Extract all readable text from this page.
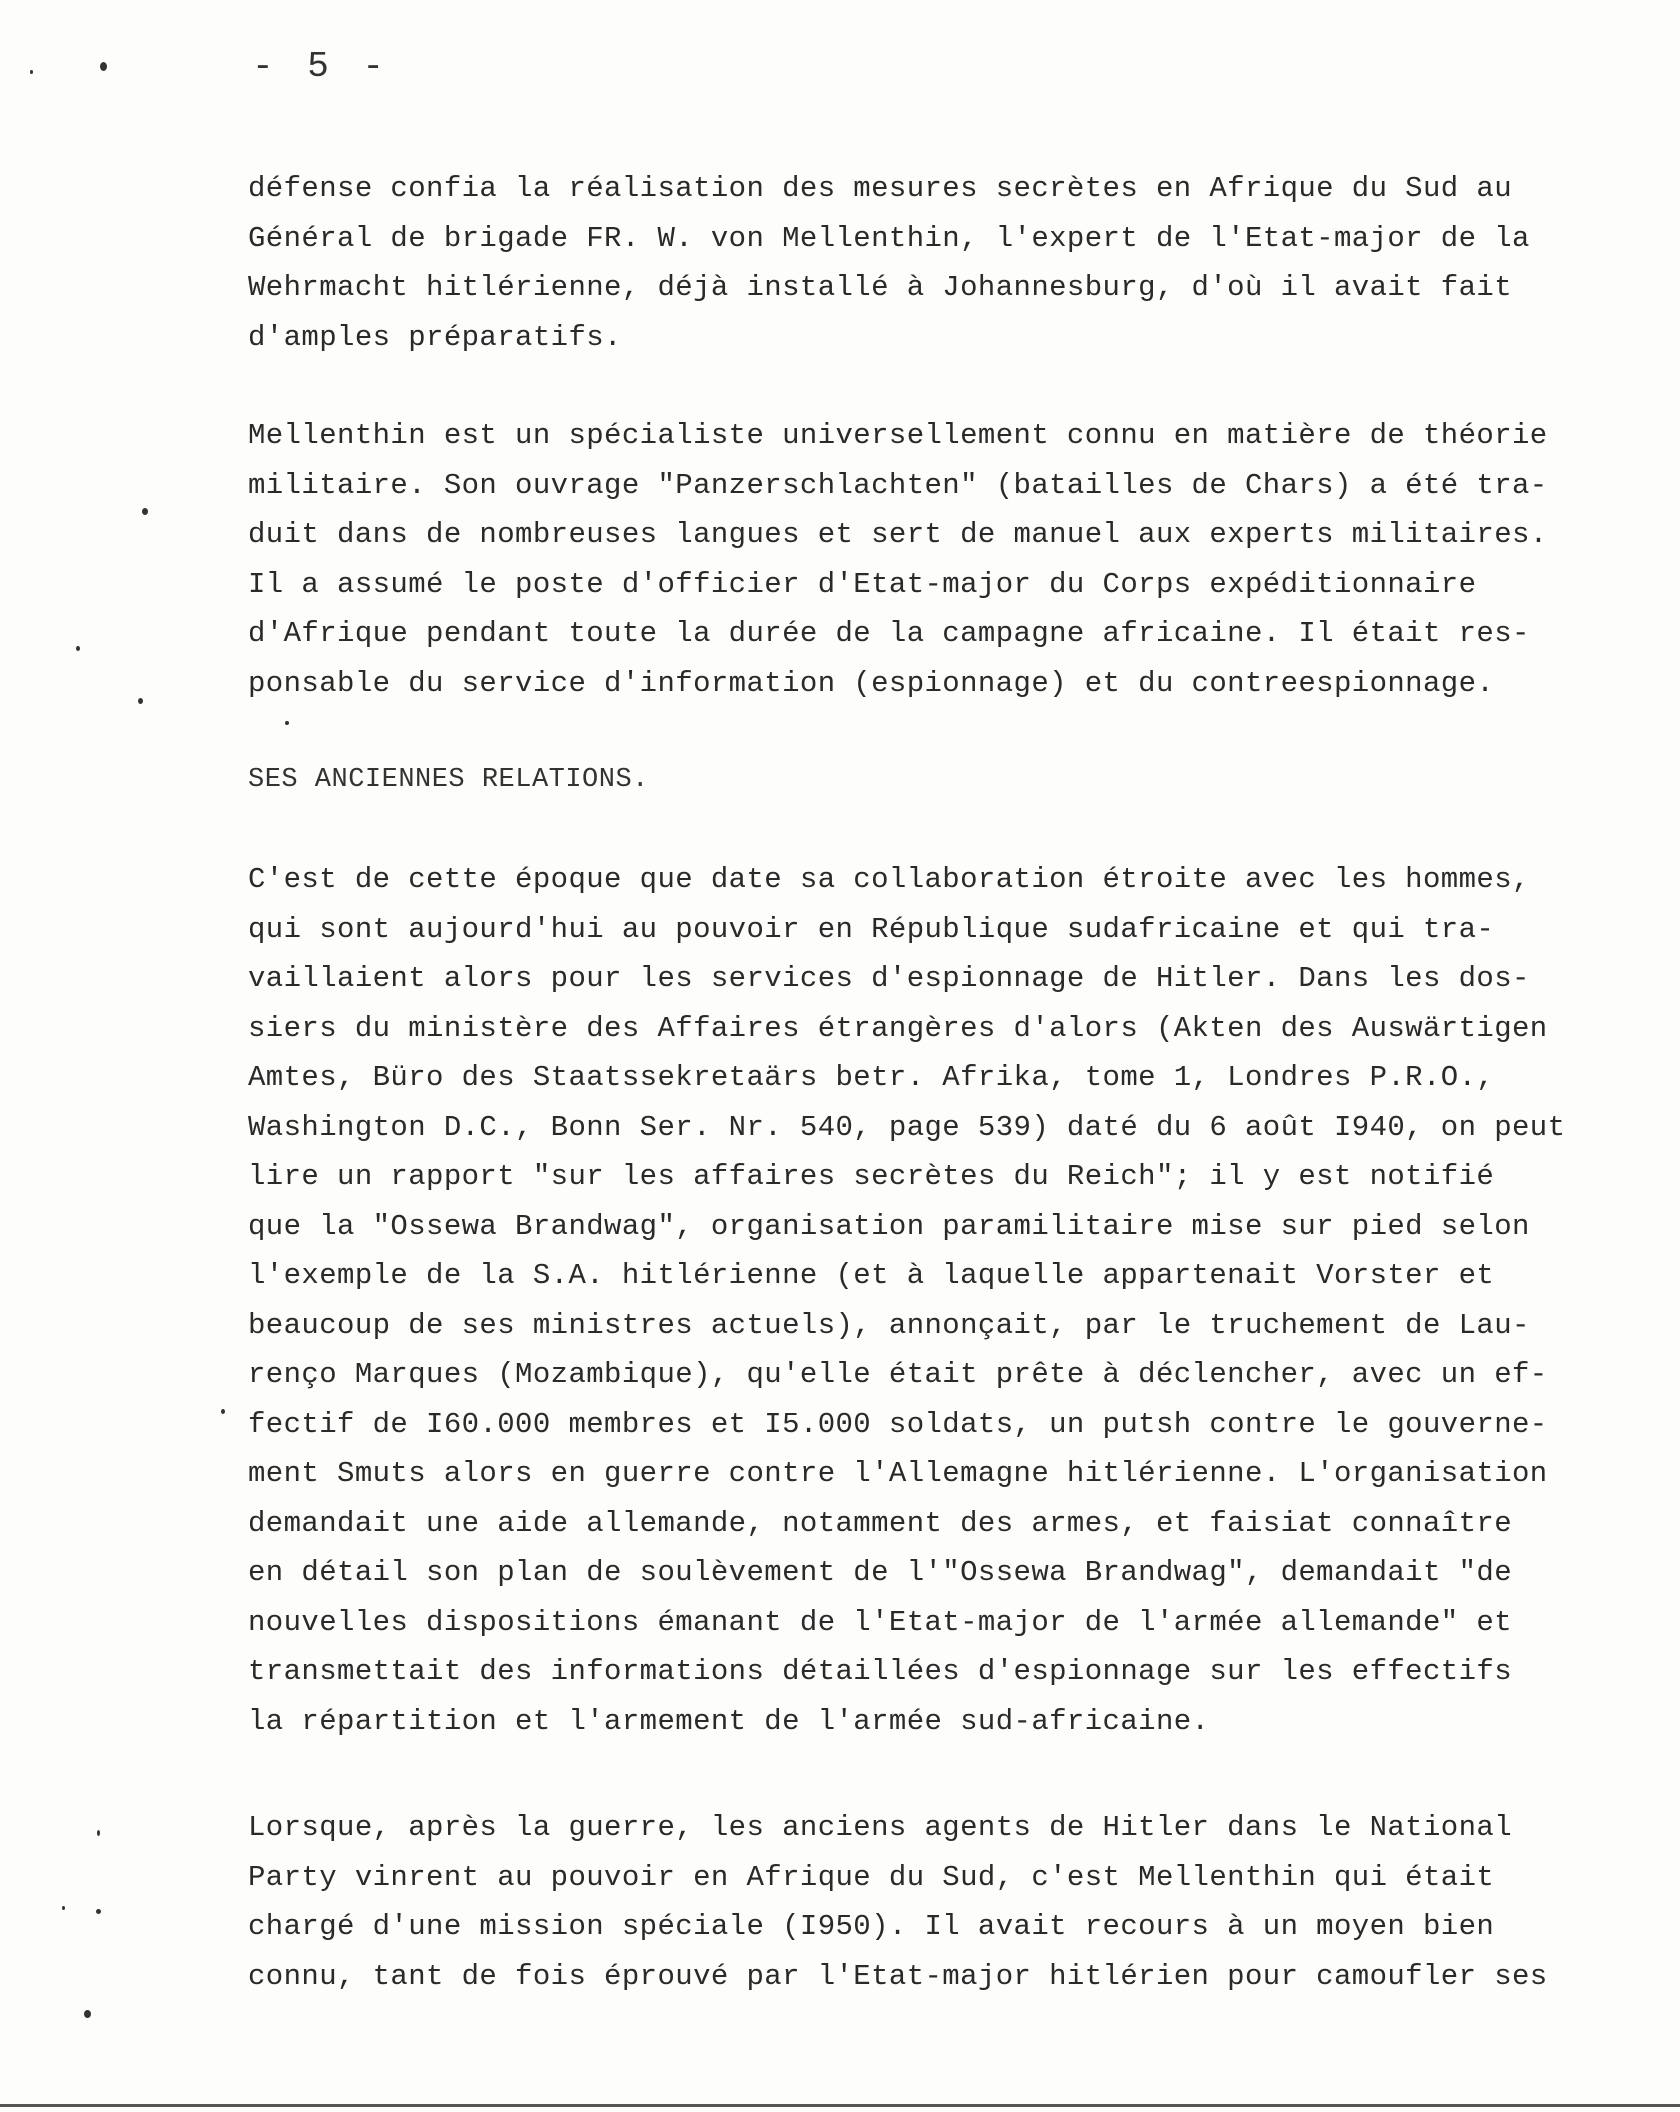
- 5 -
défense confia la réalisation des mesures secrètes en Afrique du Sud au
Général de brigade FR. W. von Mellenthin, l'expert de l'Etat-major de la
Wehrmacht hitlérienne, déjà installé à Johannesburg, d'où il avait fait
d'amples préparatifs.
Mellenthin est un spécialiste universellement connu en matière de théorie
militaire. Son ouvrage "Panzerschlachten" (batailles de Chars) a été tra-
duit dans de nombreuses langues et sert de manuel aux experts militaires.
Il a assumé le poste d'officier d'Etat-major du Corps expéditionnaire
d'Afrique pendant toute la durée de la campagne africaine. Il était res-
ponsable du service d'information (espionnage) et du contreespionnage.
SES ANCIENNES RELATIONS.
C'est de cette époque que date sa collaboration étroite avec les hommes,
qui sont aujourd'hui au pouvoir en République sudafricaine et qui tra-
vaillaient alors pour les services d'espionnage de Hitler. Dans les dos-
siers du ministère des Affaires étrangères d'alors (Akten des Auswärtigen
Amtes, Büro des Staatssekretaärs betr. Afrika, tome 1, Londres P.R.O.,
Washington D.C., Bonn Ser. Nr. 540, page 539) daté du 6 août I940, on peut
lire un rapport "sur les affaires secrètes du Reich"; il y est notifié
que la "Ossewa Brandwag", organisation paramilitaire mise sur pied selon
l'exemple de la S.A. hitlérienne (et à laquelle appartenait Vorster et
beaucoup de ses ministres actuels), annonçait, par le truchement de Lau-
renço Marques (Mozambique), qu'elle était prête à déclencher, avec un ef-
fectif de I60.000 membres et I5.000 soldats, un putsh contre le gouverne-
ment Smuts alors en guerre contre l'Allemagne hitlérienne. L'organisation
demandait une aide allemande, notamment des armes, et faisiat connaître
en détail son plan de soulèvement de l'"Ossewa Brandwag", demandait "de
nouvelles dispositions émanant de l'Etat-major de l'armée allemande" et
transmettait des informations détaillées d'espionnage sur les effectifs
la répartition et l'armement de l'armée sud-africaine.
Lorsque, après la guerre, les anciens agents de Hitler dans le National
Party vinrent au pouvoir en Afrique du Sud, c'est Mellenthin qui était
chargé d'une mission spéciale (I950). Il avait recours à un moyen bien
connu, tant de fois éprouvé par l'Etat-major hitlérien pour camoufler ses
